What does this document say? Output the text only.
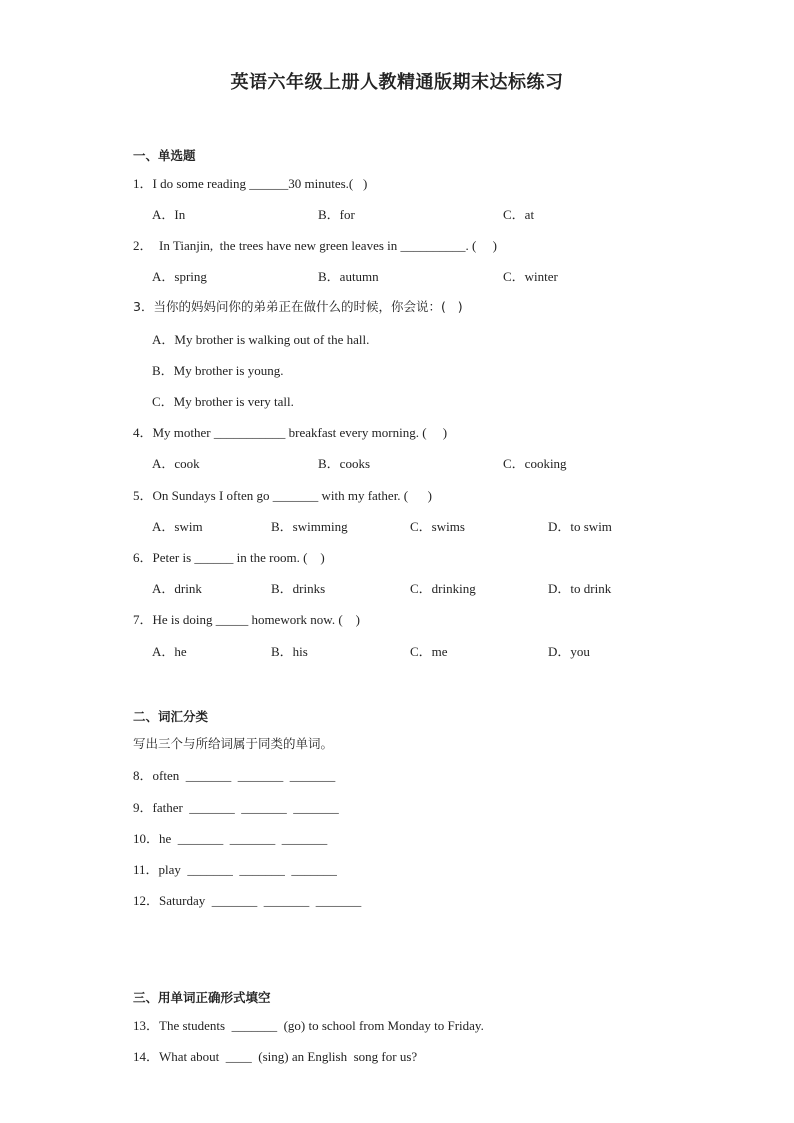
英语六年级上册人教精通版期末达标练习
一、单选题
1．I do some reading ______30 minutes.(   )
A．In	B．for	C．at
2．  In Tianjin,  the trees have new green leaves in __________. (     )
A．spring	B．autumn	C．winter
3．当你的妈妈问你的弟弟正在做什么的时候，你会说：(   )
A．My brother is walking out of the hall.
B．My brother is young.
C．My brother is very tall.
4．My mother ___________ breakfast every morning. (     )
A．cook	B．cooks	C．cooking
5．On Sundays I often go _______ with my father. (      )
A．swim	B．swimming	C．swims	D．to swim
6．Peter is ______ in the room. (    )
A．drink	B．drinks	C．drinking	D．to drink
7．He is doing _____ homework now. (    )
A．he	B．his	C．me	D．you
二、词汇分类
写出三个与所给词属于同类的单词。
8．often  _______  _______  _______
9．father  _______  _______  _______
10．he  _______  _______  _______
11．play  _______  _______  _______
12．Saturday  _______  _______  _______
三、用单词正确形式填空
13．The students  _______  (go) to school from Monday to Friday.
14．What about  ____  (sing) an English  song for us?
